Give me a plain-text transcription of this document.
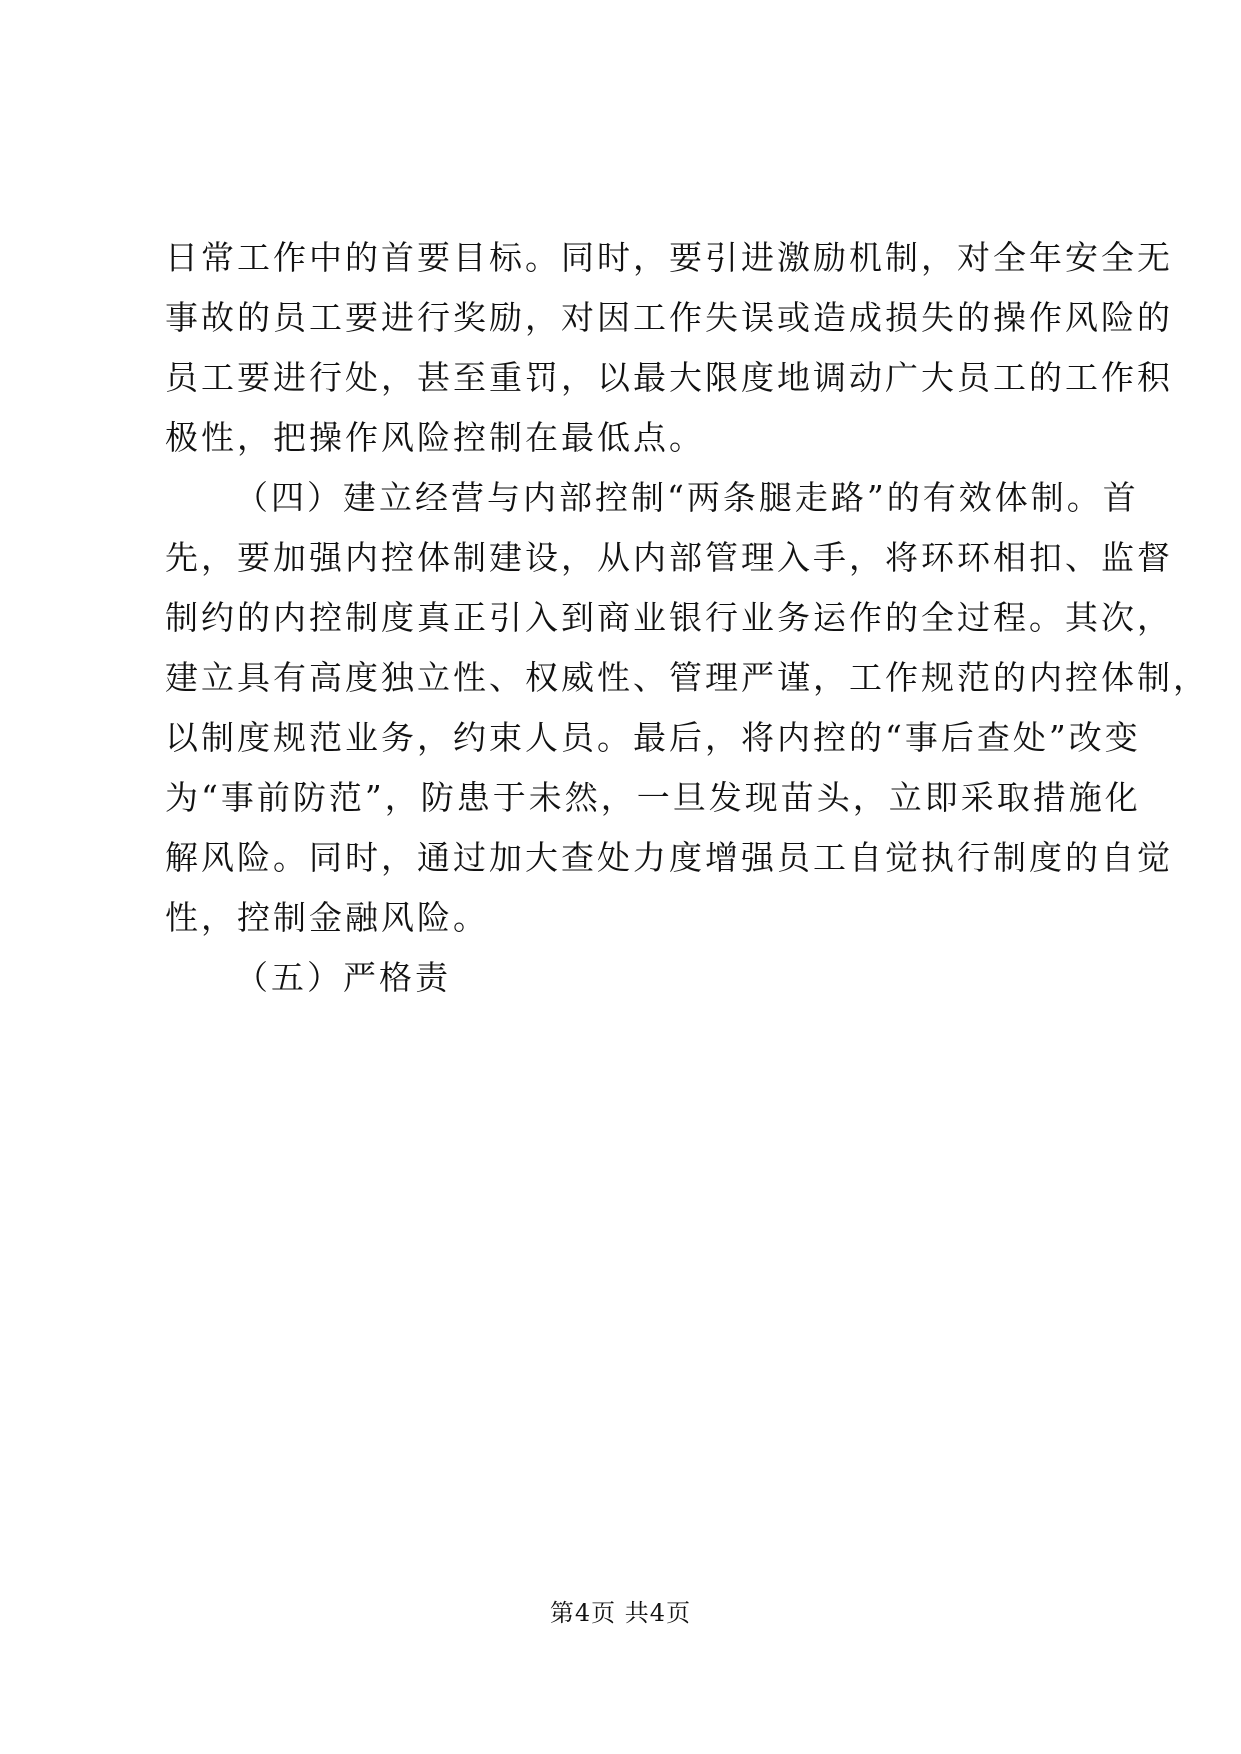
日常工作中的首要目标。同时，要引进激励机制，对全年安全无
事故的员工要进行奖励，对因工作失误或造成损失的操作风险的
员工要进行处，甚至重罚，以最大限度地调动广大员工的工作积
极性，把操作风险控制在最低点。
（四）建立经营与内部控制“两条腿走路”的有效体制。首
先，要加强内控体制建设，从内部管理入手，将环环相扣、监督
制约的内控制度真正引入到商业银行业务运作的全过程。其次，
建立具有高度独立性、权威性、管理严谨，工作规范的内控体制，
以制度规范业务，约束人员。最后，将内控的“事后查处”改变
为“事前防范”，防患于未然，一旦发现苗头，立即采取措施化
解风险。同时，通过加大查处力度增强员工自觉执行制度的自觉
性，控制金融风险。
（五）严格责
第4页 共4页
